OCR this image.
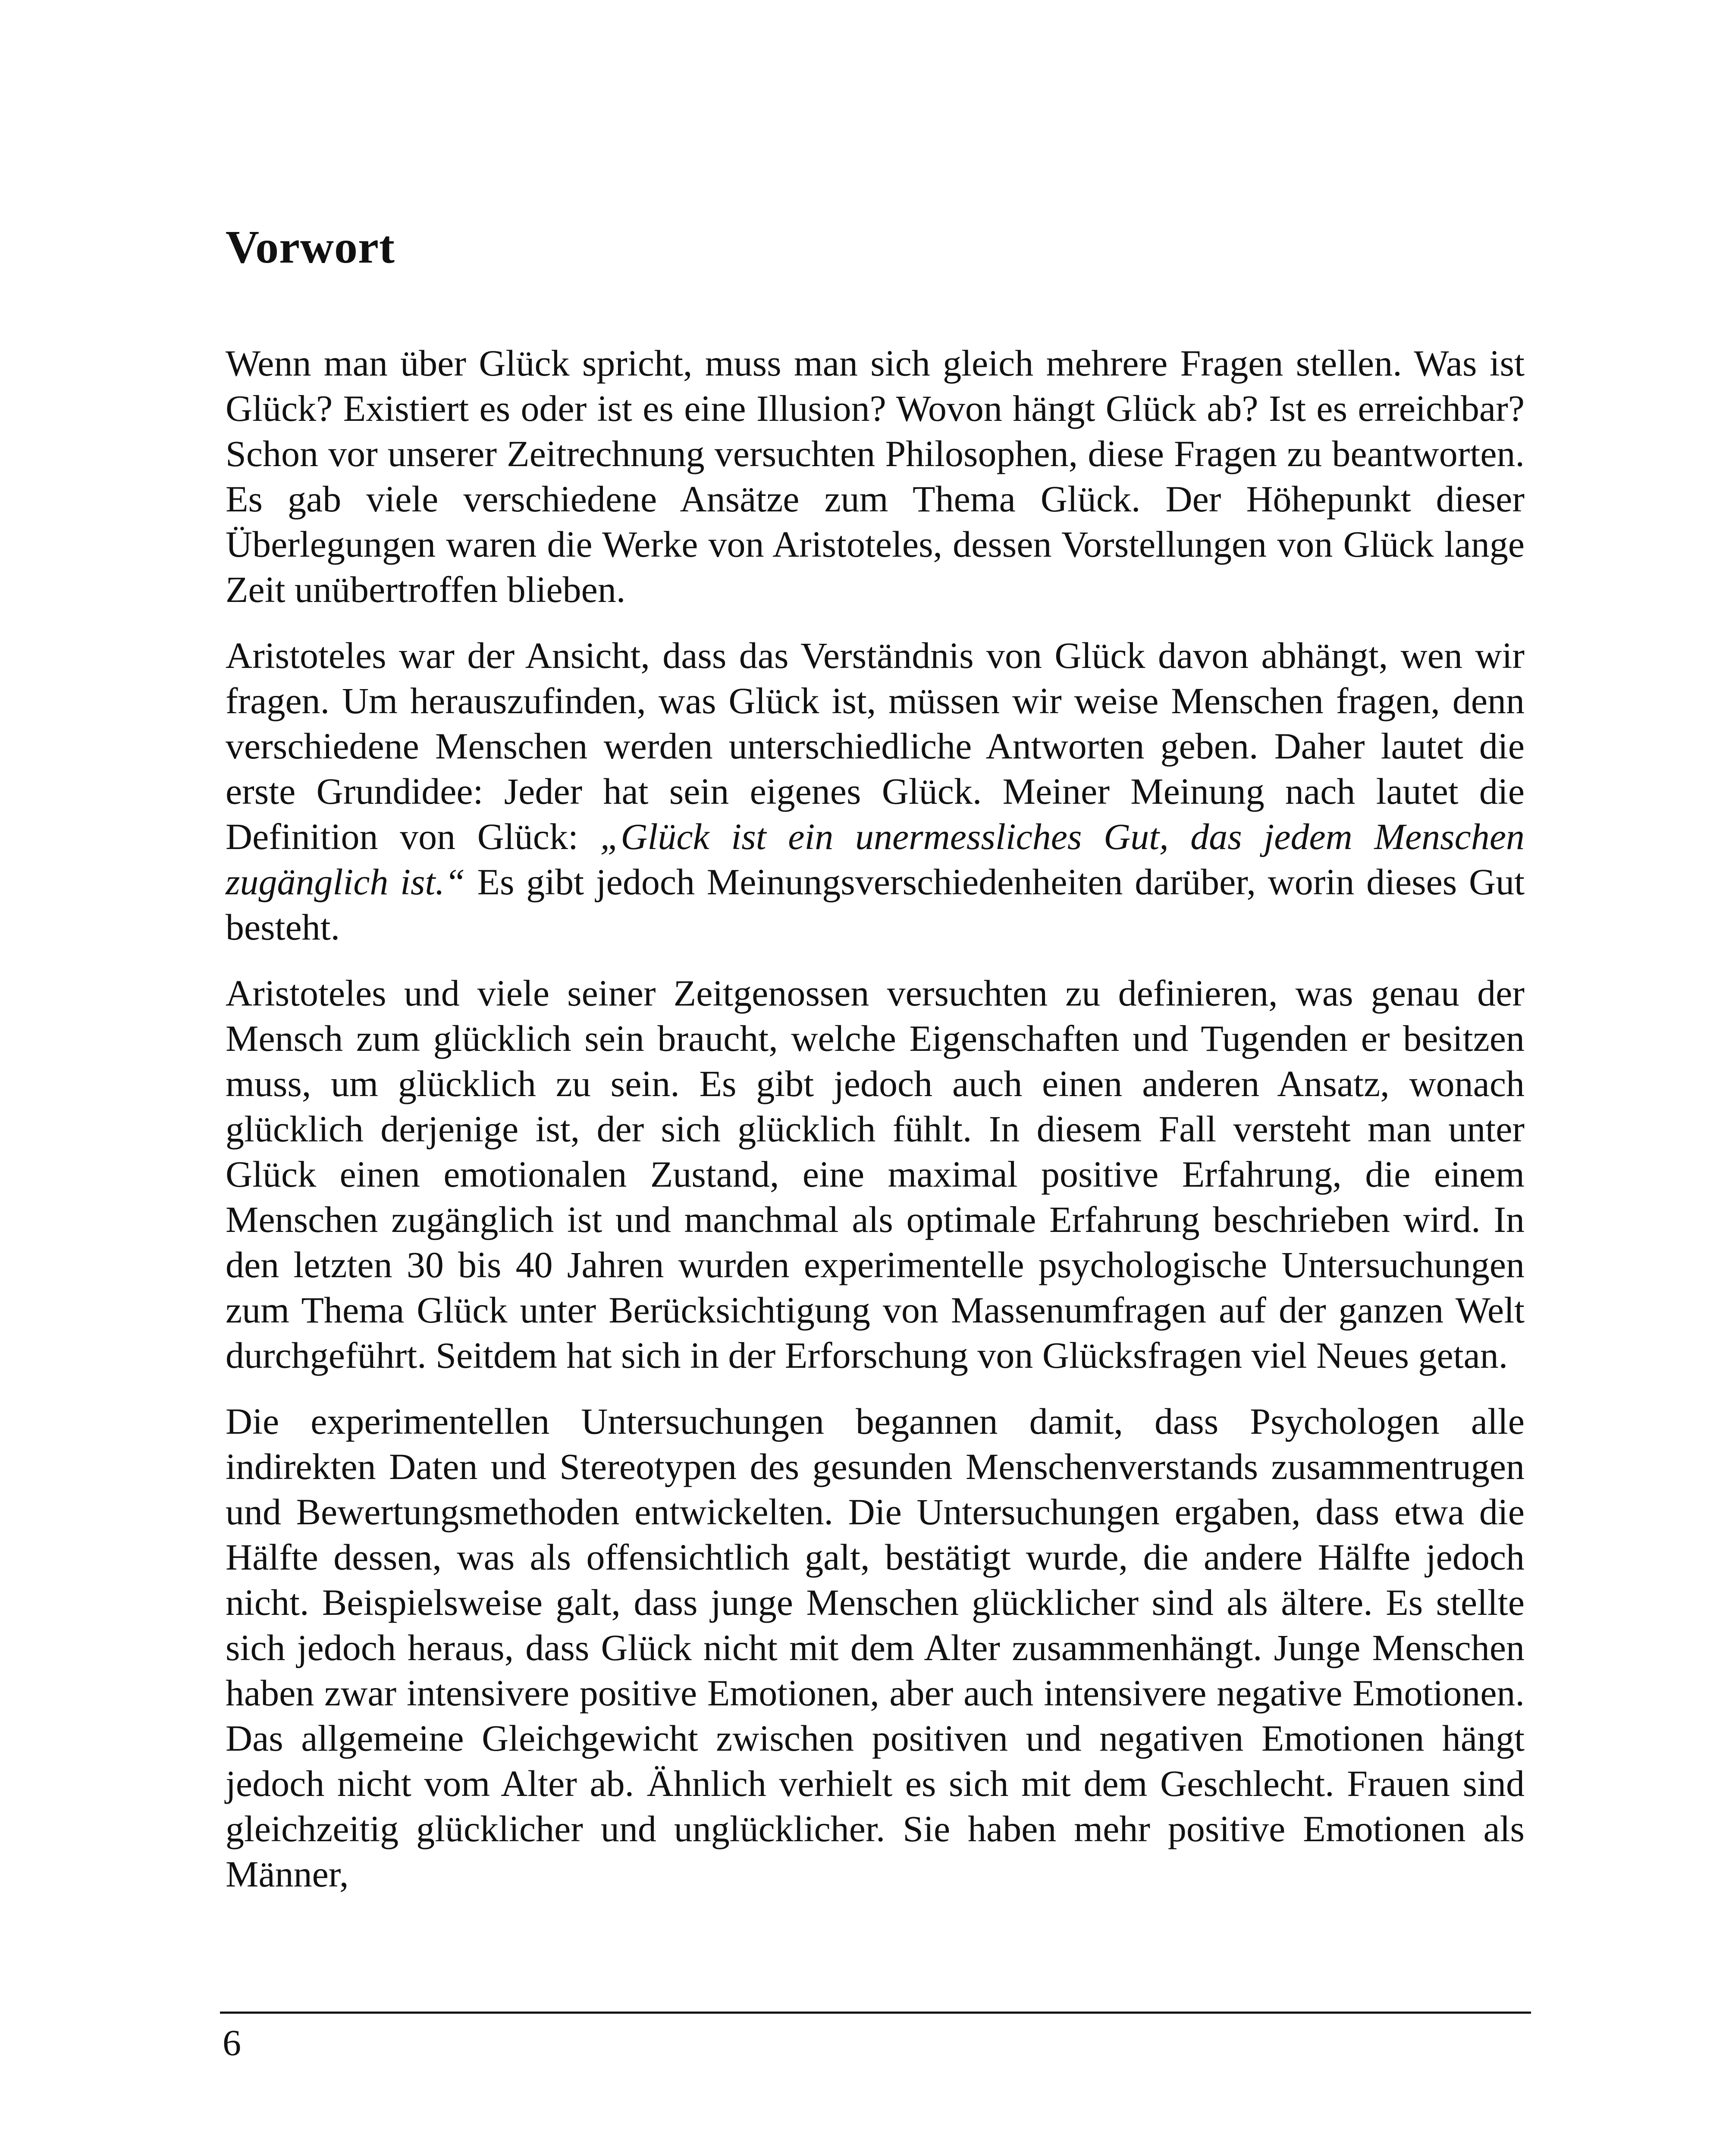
Vorwort

Wenn man über Glück spricht, muss man sich gleich mehrere Fragen stellen. Was ist Glück? Existiert es oder ist es eine Illusion? Wovon hängt Glück ab? Ist es erreichbar? Schon vor unserer Zeitrechnung versuchten Philosophen, diese Fragen zu beantworten. Es gab viele verschiedene Ansätze zum Thema Glück. Der Höhepunkt dieser Überlegungen waren die Werke von Aristoteles, dessen Vorstellungen von Glück lange Zeit unübertroffen blieben.

Aristoteles war der Ansicht, dass das Verständnis von Glück davon abhängt, wen wir fragen. Um herauszufinden, was Glück ist, müssen wir weise Menschen fragen, denn verschiedene Menschen werden unterschiedliche Antworten geben. Daher lautet die erste Grundidee: Jeder hat sein eigenes Glück. Meiner Meinung nach lautet die Definition von Glück: „Glück ist ein unermessliches Gut, das jedem Menschen zugänglich ist.“ Es gibt jedoch Meinungsverschiedenheiten darüber, worin dieses Gut besteht.

Aristoteles und viele seiner Zeitgenossen versuchten zu definieren, was genau der Mensch zum glücklich sein braucht, welche Eigenschaften und Tugenden er besitzen muss, um glücklich zu sein. Es gibt jedoch auch einen anderen Ansatz, wonach glücklich derjenige ist, der sich glücklich fühlt. In diesem Fall versteht man unter Glück einen emotionalen Zustand, eine maximal positive Erfahrung, die einem Menschen zugänglich ist und manchmal als optimale Erfahrung beschrieben wird. In den letzten 30 bis 40 Jahren wurden experimentelle psychologische Untersuchungen zum Thema Glück unter Berücksichtigung von Massenumfragen auf der ganzen Welt durchgeführt. Seitdem hat sich in der Erforschung von Glücksfragen viel Neues getan.

Die experimentellen Untersuchungen begannen damit, dass Psychologen alle indirekten Daten und Stereotypen des gesunden Menschenverstands zusammentrugen und Bewertungsmethoden entwickelten. Die Untersuchungen ergaben, dass etwa die Hälfte dessen, was als offensichtlich galt, bestätigt wurde, die andere Hälfte jedoch nicht. Beispielsweise galt, dass junge Menschen glücklicher sind als ältere. Es stellte sich jedoch heraus, dass Glück nicht mit dem Alter zusammenhängt. Junge Menschen haben zwar intensivere positive Emotionen, aber auch intensivere negative Emotionen. Das allgemeine Gleichgewicht zwischen positiven und negativen Emotionen hängt jedoch nicht vom Alter ab. Ähnlich verhielt es sich mit dem Geschlecht. Frauen sind gleichzeitig glücklicher und unglücklicher. Sie haben mehr positive Emotionen als Männer,

6
